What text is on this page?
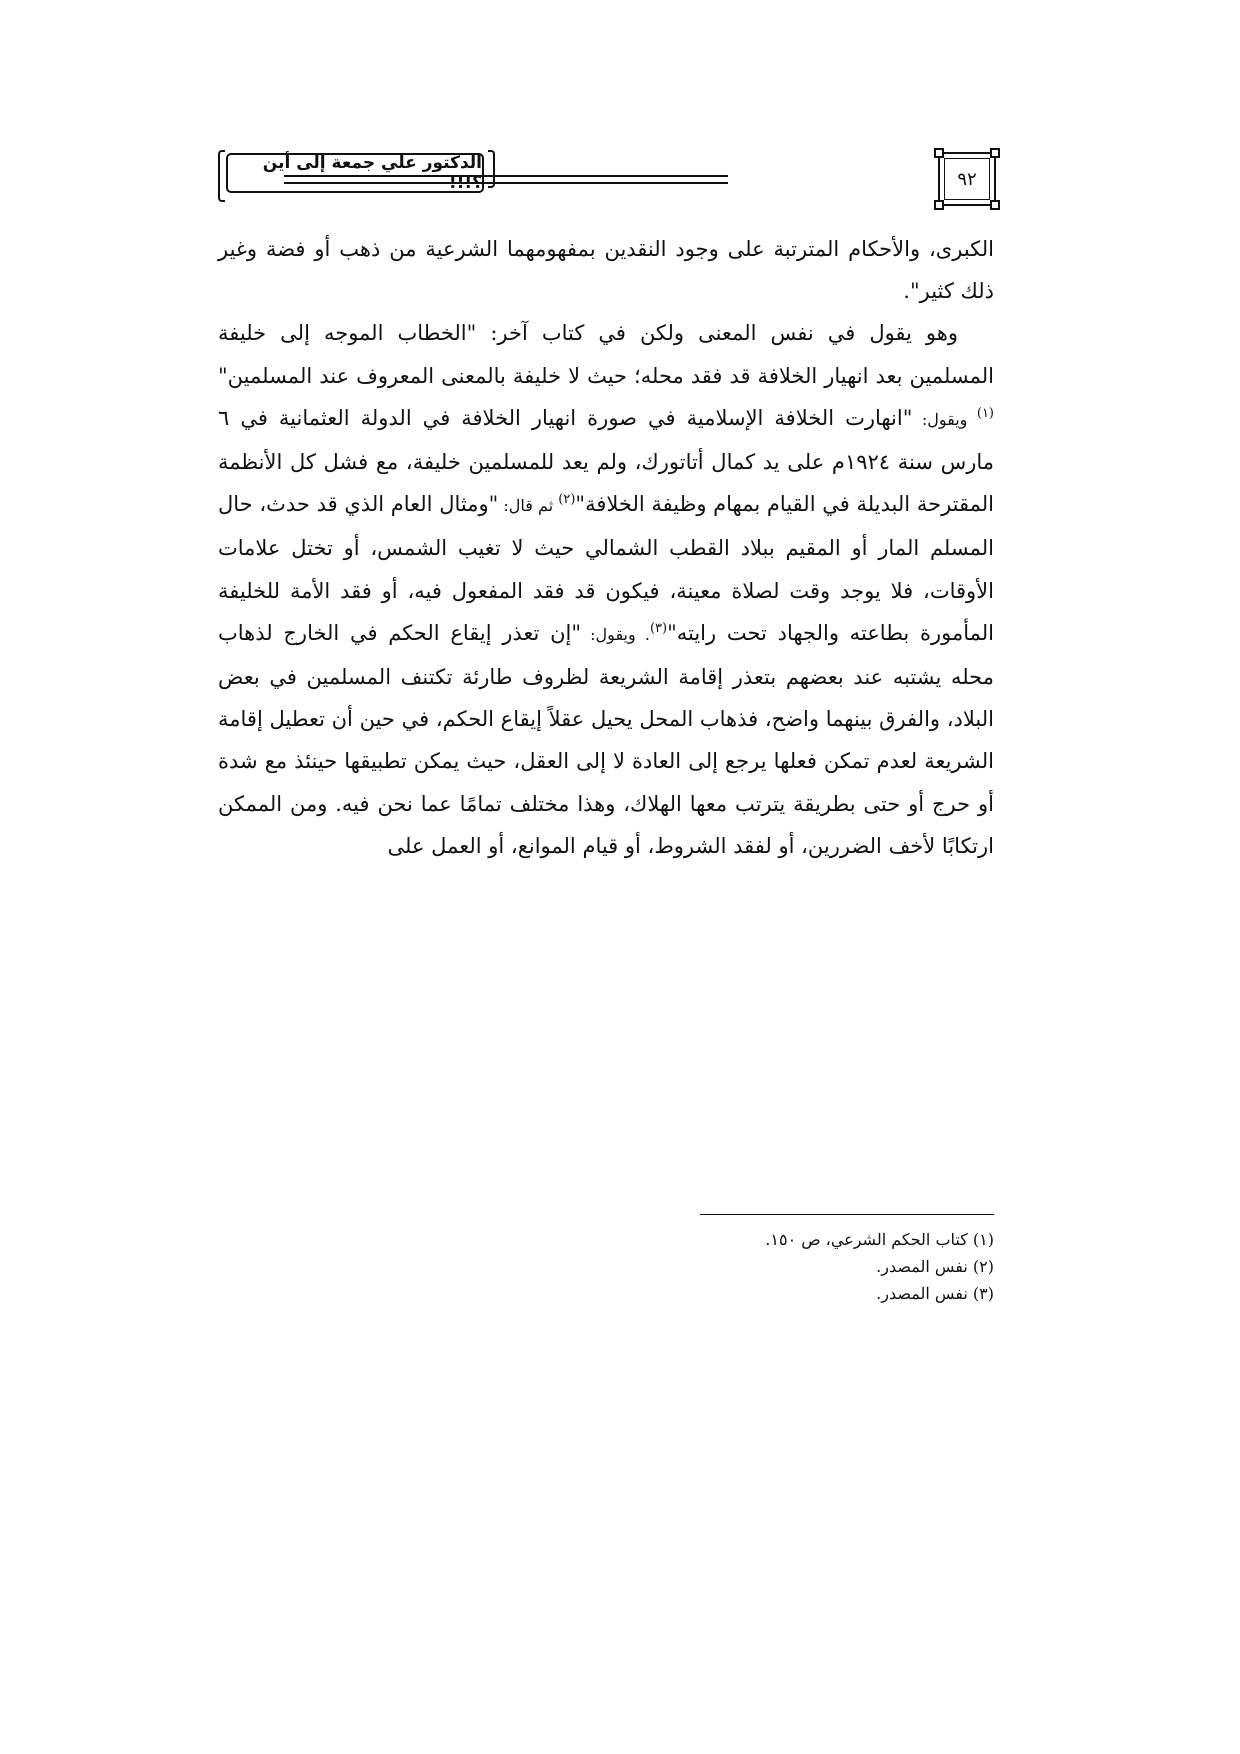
الدكتور علي جمعة إلى أين ؟!!!	٩٢

الكبرى، والأحكام المترتبة على وجود النقدين بمفهومهما الشرعية من ذهب أو فضة وغير ذلك كثير".

وهو يقول في نفس المعنى ولكن في كتاب آخر: "الخطاب الموجه إلى خليفة المسلمين بعد انهيار الخلافة قد فقد محله؛ حيث لا خليفة بالمعنى المعروف عند المسلمين"$^{(١)}$ ويقول: "انهارت الخلافة الإسلامية في صورة انهيار الخلافة في الدولة العثمانية في ٦ مارس سنة ١٩٢٤م على يد كمال أتاتورك، ولم يعد للمسلمين خليفة، مع فشل كل الأنظمة المقترحة البديلة في القيام بمهام وظيفة الخلافة"$^{(٢)}$ ثم قال: "ومثال العام الذي قد حدث، حال المسلم المار أو المقيم ببلاد القطب الشمالي حيث لا تغيب الشمس، أو تختل علامات الأوقات، فلا يوجد وقت لصلاة معينة، فيكون قد فقد المفعول فيه، أو فقد الأمة للخليفة المأمورة بطاعته والجهاد تحت رايته"$^{(٣)}$. ويقول: "إن تعذر إيقاع الحكم في الخارج لذهاب محله يشتبه عند بعضهم بتعذر إقامة الشريعة لظروف طارئة تكتنف المسلمين في بعض البلاد، والفرق بينهما واضح، فذهاب المحل يحيل عقلاً إيقاع الحكم، في حين أن تعطيل إقامة الشريعة لعدم تمكن فعلها يرجع إلى العادة لا إلى العقل، حيث يمكن تطبيقها حينئذ مع شدة أو حرج أو حتى بطريقة يترتب معها الهلاك، وهذا مختلف تمامًا عما نحن فيه. ومن الممكن ارتكابًا لأخف الضررين، أو لفقد الشروط، أو قيام الموانع، أو العمل على

(١) كتاب الحكم الشرعي، ص ١٥٠.
(٢) نفس المصدر.
(٣) نفس المصدر.
